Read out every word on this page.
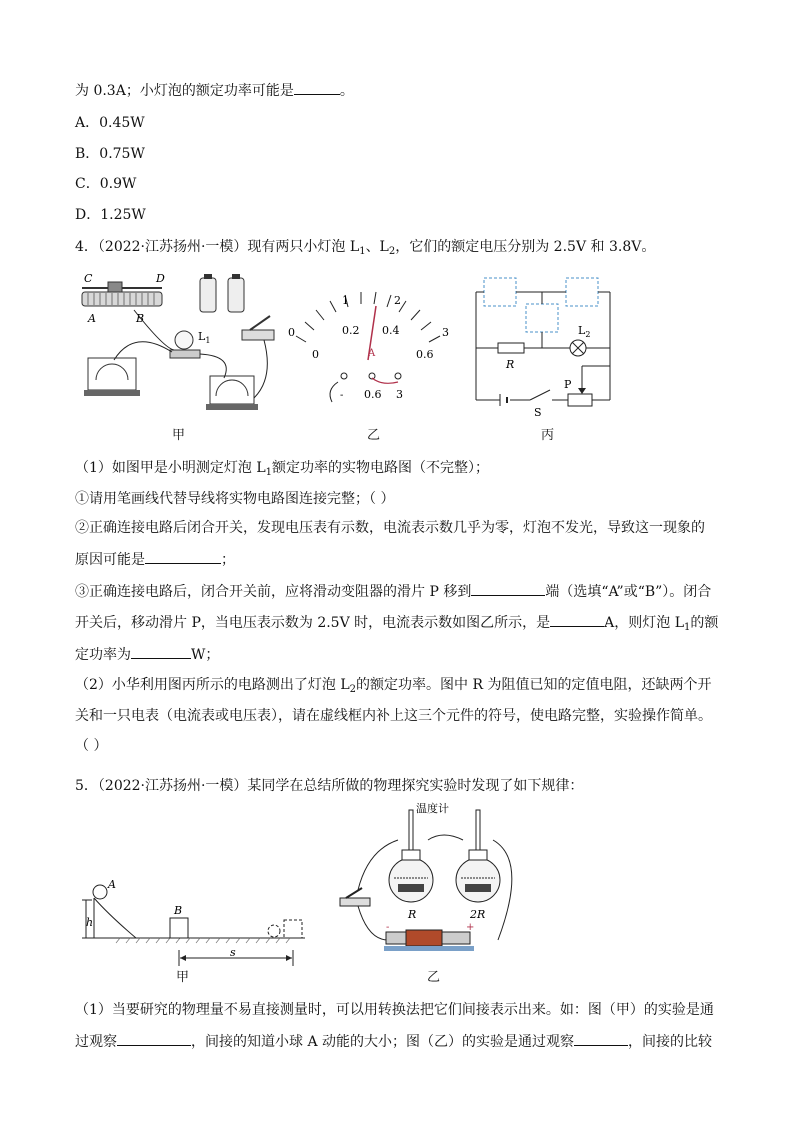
为 0.3A；小灯泡的额定功率可能是	。
A．0.45W
B．0.75W
C．0.9W
D．1.25W
4．（2022·江苏扬州·一模）现有两只小灯泡 $L_1$、$L_2$，它们的额定电压分别为 2.5V 和 3.8V。
C	D
A	B
$L_1$
甲
0
1	2
3
0
0.2 0.4
0.6
A
- 0.6 3
乙
R
$L_2$
S
P
丙
（1）如图甲是小明测定灯泡 $L_1$额定功率的实物电路图（不完整）；
①请用笔画线代替导线将实物电路图连接完整；（ ）
②正确连接电路后闭合开关，发现电压表有示数，电流表示数几乎为零，灯泡不发光，导致这一现象的
原因可能是	；
③正确连接电路后，闭合开关前，应将滑动变阻器的滑片 P 移到	端（选填“A”或“B”）。闭合
开关后，移动滑片 P，当电压表示数为 2.5V 时，电流表示数如图乙所示，是	A，则灯泡 $L_1$的额
定功率为	W；
（2）小华利用图丙所示的电路测出了灯泡 $L_2$的额定功率。图中 R 为阻值已知的定值电阻，还缺两个开
关和一只电表（电流表或电压表），请在虚线框内补上这三个元件的符号，使电路完整，实验操作简单。
（ ）
5．（2022·江苏扬州·一模）某同学在总结所做的物理探究实验时发现了如下规律：
A
h
B
s
甲
温度计
R	2R
-	+
乙
（1）当要研究的物理量不易直接测量时，可以用转换法把它们间接表示出来。如：图（甲）的实验是通
过观察	，间接的知道小球 A 动能的大小；图（乙）的实验是通过观察	，间接的比较
